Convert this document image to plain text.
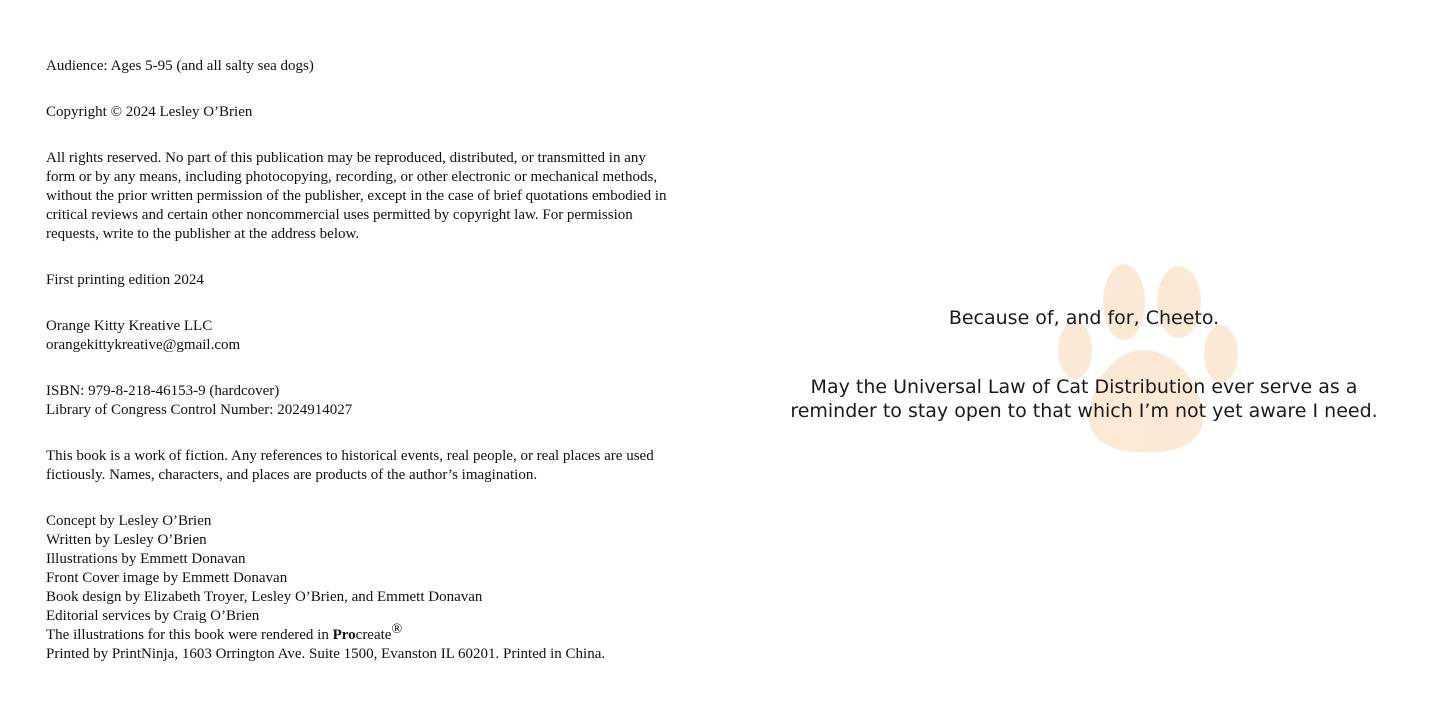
Audience: Ages 5-95 (and all salty sea dogs)

Copyright © 2024 Lesley O’Brien

All rights reserved. No part of this publication may be reproduced, distributed, or transmitted in any form or by any means, including photocopying, recording, or other electronic or mechanical methods, without the prior written permission of the publisher, except in the case of brief quotations embodied in critical reviews and certain other noncommercial uses permitted by copyright law. For permission requests, write to the publisher at the address below.

First printing edition 2024

Orange Kitty Kreative LLC
orangekittykreative@gmail.com

ISBN: 979-8-218-46153-9 (hardcover)
Library of Congress Control Number: 2024914027

This book is a work of fiction. Any references to historical events, real people, or real places are used fictiously. Names, characters, and places are products of the author’s imagination.

Concept by Lesley O’Brien
Written by Lesley O’Brien
Illustrations by Emmett Donavan
Front Cover image by Emmett Donavan
Book design by Elizabeth Troyer, Lesley O’Brien, and Emmett Donavan
Editorial services by Craig O’Brien
The illustrations for this book were rendered in Procreate®
Printed by PrintNinja, 1603 Orrington Ave. Suite 1500, Evanston IL 60201. Printed in China.
Because of, and for, Cheeto.
May the Universal Law of Cat Distribution ever serve as a
reminder to stay open to that which I’m not yet aware I need.
